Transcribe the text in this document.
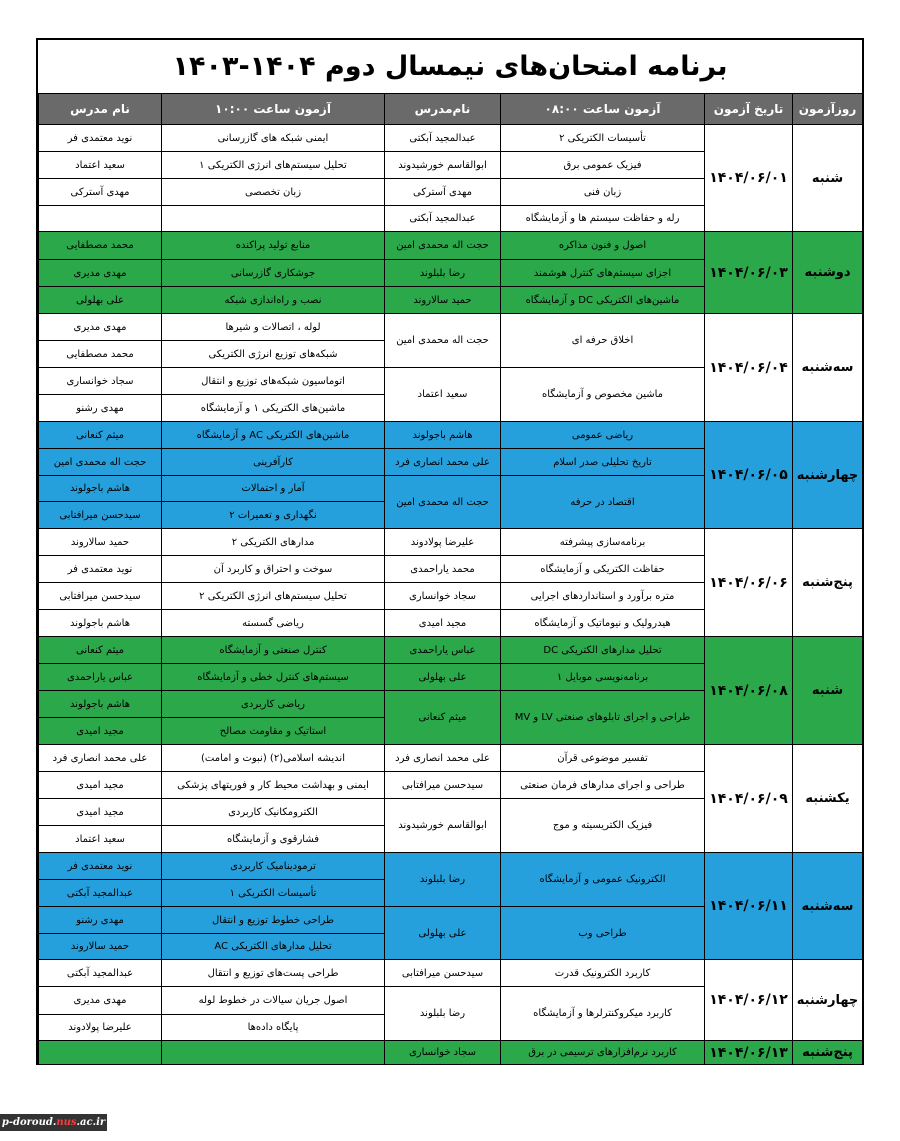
برنامه امتحان‌های نیمسال دوم ۱۴۰۴-۱۴۰۳
روزآزمون	تاریخ آزمون	آزمون ساعت ۰۸:۰۰	نام‌مدرس	آزمون ساعت ۱۰:۰۰	نام مدرس
شنبه	۱۴۰۴/۰۶/۰۱	تأسیسات الکتریکی ۲	عبدالمجید آبکتی	ایمنی شبکه های گازرسانی	نوید معتمدی فر
		فیزیک عمومی برق	ابوالقاسم خورشیدوند	تحلیل سیستم‌های انرژی الکتریکی ۱	سعید اعتماد
		زبان فنی	مهدی آسترکی	زبان تخصصی	مهدی آسترکی
		رله و حفاظت سیستم ها و آزمایشگاه	عبدالمجید آبکتی		
دوشنبه	۱۴۰۴/۰۶/۰۳	اصول و فنون مذاکره	حجت اله محمدی امین	منابع تولید پراکنده	محمد مصطفایی
		اجزای سیستم‌های کنترل هوشمند	رضا بلبلوند	جوشکاری گازرسانی	مهدی مدیری
		ماشین‌های الکتریکی DC و آزمایشگاه	حمید سالاروند	نصب و راه‌اندازی شبکه	علی بهلولی
سه‌شنبه	۱۴۰۴/۰۶/۰۴	اخلاق حرفه ای	حجت اله محمدی امین	لوله ، اتصالات و شیرها	مهدی مدیری
				شبکه‌های توزیع انرژی الکتریکی	محمد مصطفایی
		ماشین مخصوص و آزمایشگاه	سعید اعتماد	اتوماسیون شبکه‌های توزیع و انتقال	سجاد خوانساری
				ماشین‌های الکتریکی ۱ و آزمایشگاه	مهدی رشنو
چهارشنبه	۱۴۰۴/۰۶/۰۵	ریاضی عمومی	هاشم باجولوند	ماشین‌های الکتریکی AC و آزمایشگاه	میثم کنعانی
		تاریخ تحلیلی صدر اسلام	علی محمد انصاری فرد	کارآفرینی	حجت اله محمدی امین
		اقتصاد در حرفه	حجت اله محمدی امین	آمار و احتمالات	هاشم باجولوند
				نگهداری و تعمیرات ۲	سیدحسن میرافتابی
پنج‌شنبه	۱۴۰۴/۰۶/۰۶	برنامه‌سازی پیشرفته	علیرضا پولادوند	مدارهای الکتریکی ۲	حمید سالاروند
		حفاظت الکتریکی و آزمایشگاه	محمد یاراحمدی	سوخت و احتراق و کاربرد آن	نوید معتمدی فر
		متره برآورد و استانداردهای اجرایی	سجاد خوانساری	تحلیل سیستم‌های انرژی الکتریکی ۲	سیدحسن میرافتابی
		هیدرولیک و نیوماتیک و آزمایشگاه	مجید امیدی	ریاضی گسسته	هاشم باجولوند
شنبه	۱۴۰۴/۰۶/۰۸	تحلیل مدارهای الکتریکی DC	عباس یاراحمدی	کنترل صنعتی و آزمایشگاه	میثم کنعانی
		برنامه‌نویسی موبایل ۱	علی بهلولی	سیستم‌های کنترل خطی و آزمایشگاه	عباس یاراحمدی
		طراحی و اجرای تابلوهای صنعتی LV و MV	میثم کنعانی	ریاضی کاربردی	هاشم باجولوند
				استاتیک و مقاومت مصالح	مجید امیدی
یکشنبه	۱۴۰۴/۰۶/۰۹	تفسیر موضوعی قرآن	علی محمد انصاری فرد	اندیشه اسلامی(۲) (نبوت و امامت)	علی محمد انصاری فرد
		طراحی و اجرای مدارهای فرمان صنعتی	سیدحسن میرافتابی	ایمنی و بهداشت محیط کار و فوریتهای پزشکی	مجید امیدی
		فیزیک الکتریسیته و موج	ابوالقاسم خورشیدوند	الکترومکانیک کاربردی	مجید امیدی
				فشارقوی و آزمایشگاه	سعید اعتماد
سه‌شنبه	۱۴۰۴/۰۶/۱۱	الکترونیک عمومی و آزمایشگاه	رضا بلبلوند	ترمودینامیک کاربردی	نوید معتمدی فر
				تأسیسات الکتریکی ۱	عبدالمجید آبکتی
		طراحی وب	علی بهلولی	طراحی خطوط توزیع و انتقال	مهدی رشنو
				تحلیل مدارهای الکتریکی AC	حمید سالاروند
چهارشنبه	۱۴۰۴/۰۶/۱۲	کاربرد الکترونیک قدرت	سیدحسن میرافتابی	طراحی پست‌های توزیع و انتقال	عبدالمجید آبکتی
		کاربرد میکروکنترلرها و آزمایشگاه	رضا بلبلوند	اصول جریان سیالات در خطوط لوله	مهدی مدیری
				پایگاه داده‌ها	علیرضا پولادوند
پنج‌شنبه	۱۴۰۴/۰۶/۱۳	کاربرد نرم‌افزارهای ترسیمی در برق	سجاد خوانساری		
p-doroud.nus.ac.ir
